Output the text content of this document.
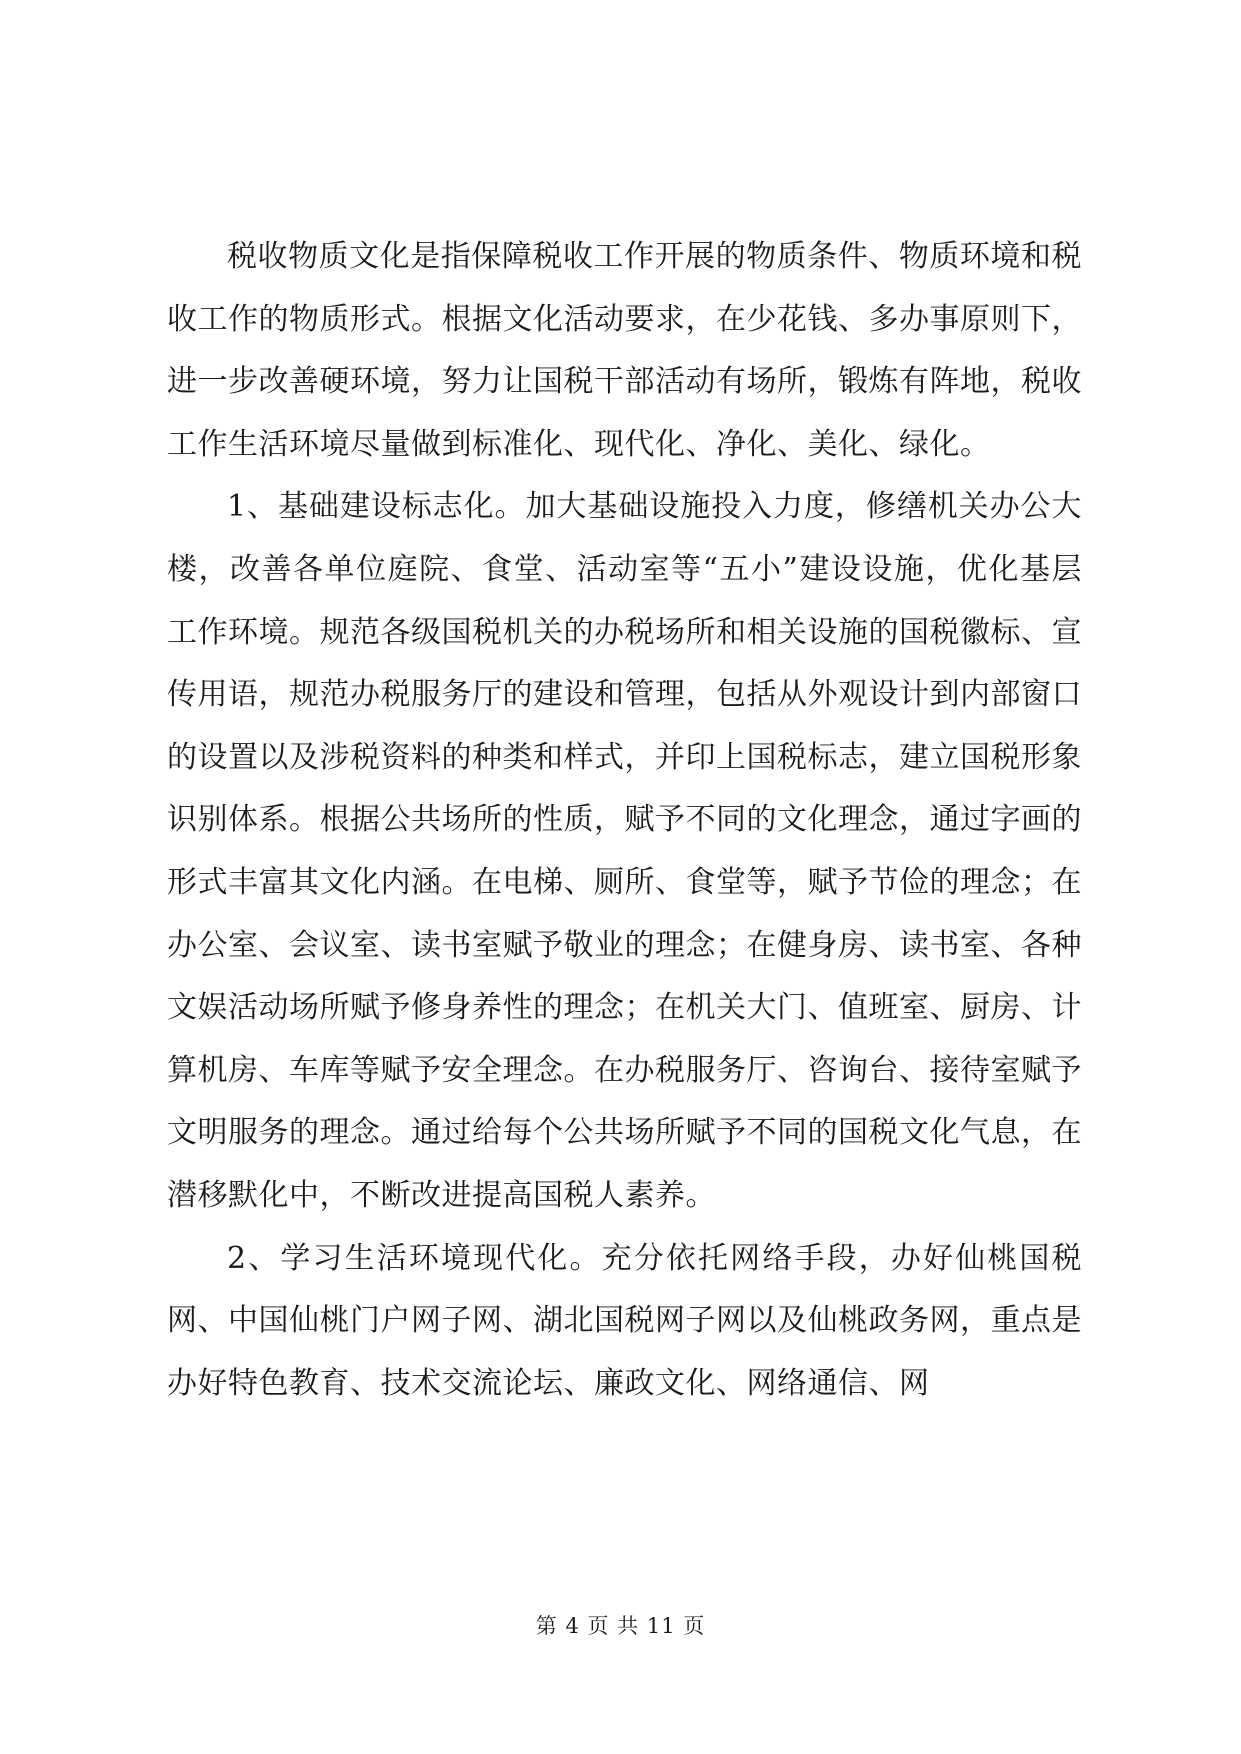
税收物质文化是指保障税收工作开展的物质条件、物质环境和税收工作的物质形式。根据文化活动要求，在少花钱、多办事原则下，进一步改善硬环境，努力让国税干部活动有场所，锻炼有阵地，税收工作生活环境尽量做到标准化、现代化、净化、美化、绿化。

1、基础建设标志化。加大基础设施投入力度，修缮机关办公大楼，改善各单位庭院、食堂、活动室等“五小”建设设施，优化基层工作环境。规范各级国税机关的办税场所和相关设施的国税徽标、宣传用语，规范办税服务厅的建设和管理，包括从外观设计到内部窗口的设置以及涉税资料的种类和样式，并印上国税标志，建立国税形象识别体系。根据公共场所的性质，赋予不同的文化理念，通过字画的形式丰富其文化内涵。在电梯、厕所、食堂等，赋予节俭的理念；在办公室、会议室、读书室赋予敬业的理念；在健身房、读书室、各种文娱活动场所赋予修身养性的理念；在机关大门、值班室、厨房、计算机房、车库等赋予安全理念。在办税服务厅、咨询台、接待室赋予文明服务的理念。通过给每个公共场所赋予不同的国税文化气息，在潜移默化中，不断改进提高国税人素养。

2、学习生活环境现代化。充分依托网络手段，办好仙桃国税网、中国仙桃门户网子网、湖北国税网子网以及仙桃政务网，重点是办好特色教育、技术交流论坛、廉政文化、网络通信、网

第 4 页 共 11 页
